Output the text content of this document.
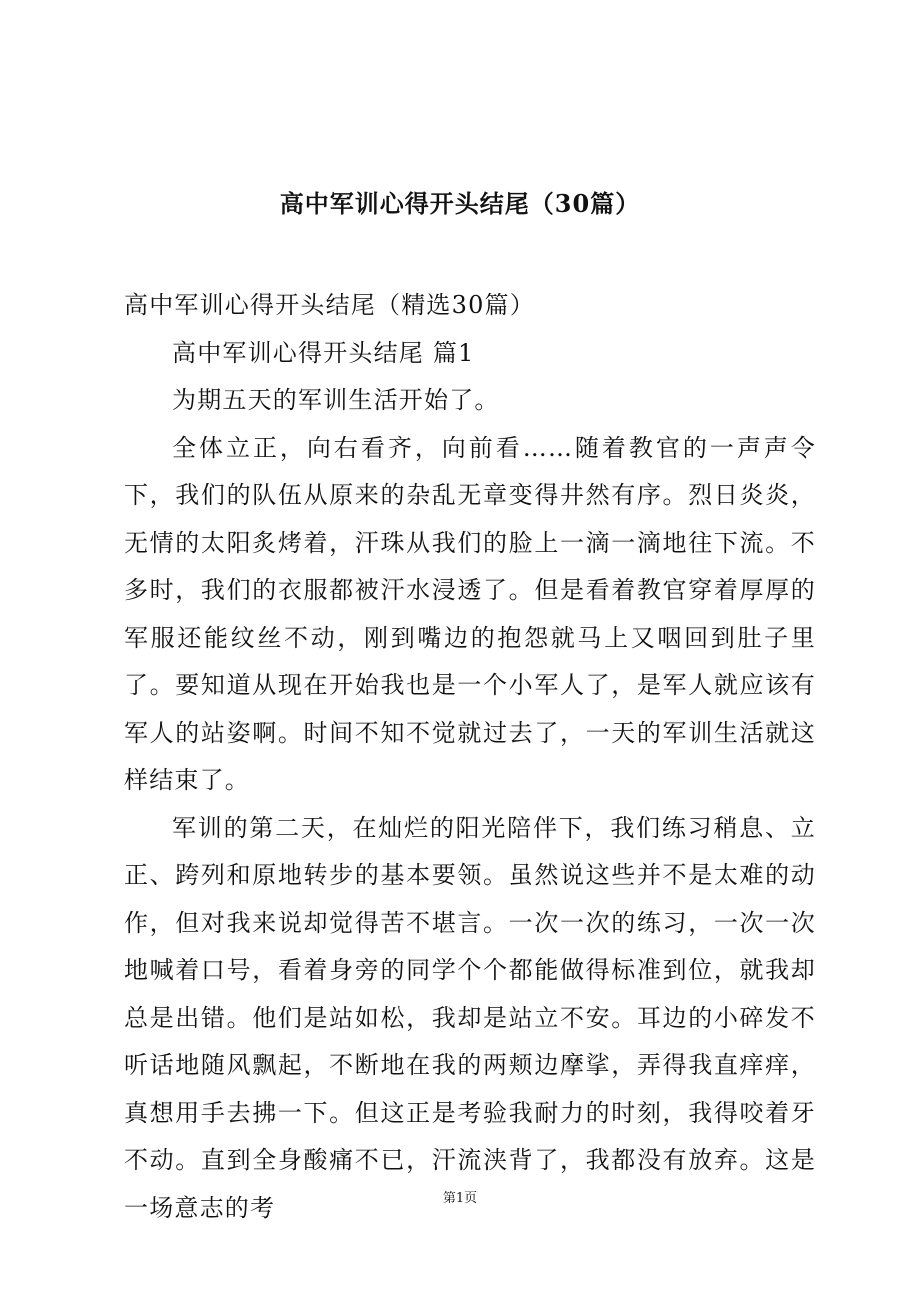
高中军训心得开头结尾（30篇）

高中军训心得开头结尾（精选30篇）

高中军训心得开头结尾 篇1

为期五天的军训生活开始了。

全体立正，向右看齐，向前看……随着教官的一声声令下，我们的队伍从原来的杂乱无章变得井然有序。烈日炎炎，无情的太阳炙烤着，汗珠从我们的脸上一滴一滴地往下流。不多时，我们的衣服都被汗水浸透了。但是看着教官穿着厚厚的军服还能纹丝不动，刚到嘴边的抱怨就马上又咽回到肚子里了。要知道从现在开始我也是一个小军人了，是军人就应该有军人的站姿啊。时间不知不觉就过去了，一天的军训生活就这样结束了。

军训的第二天，在灿烂的阳光陪伴下，我们练习稍息、立正、跨列和原地转步的基本要领。虽然说这些并不是太难的动作，但对我来说却觉得苦不堪言。一次一次的练习，一次一次地喊着口号，看着身旁的同学个个都能做得标准到位，就我却总是出错。他们是站如松，我却是站立不安。耳边的小碎发不听话地随风飘起，不断地在我的两颊边摩挲，弄得我直痒痒，真想用手去拂一下。但这正是考验我耐力的时刻，我得咬着牙不动。直到全身酸痛不已，汗流浃背了，我都没有放弃。这是一场意志的考	第1页
